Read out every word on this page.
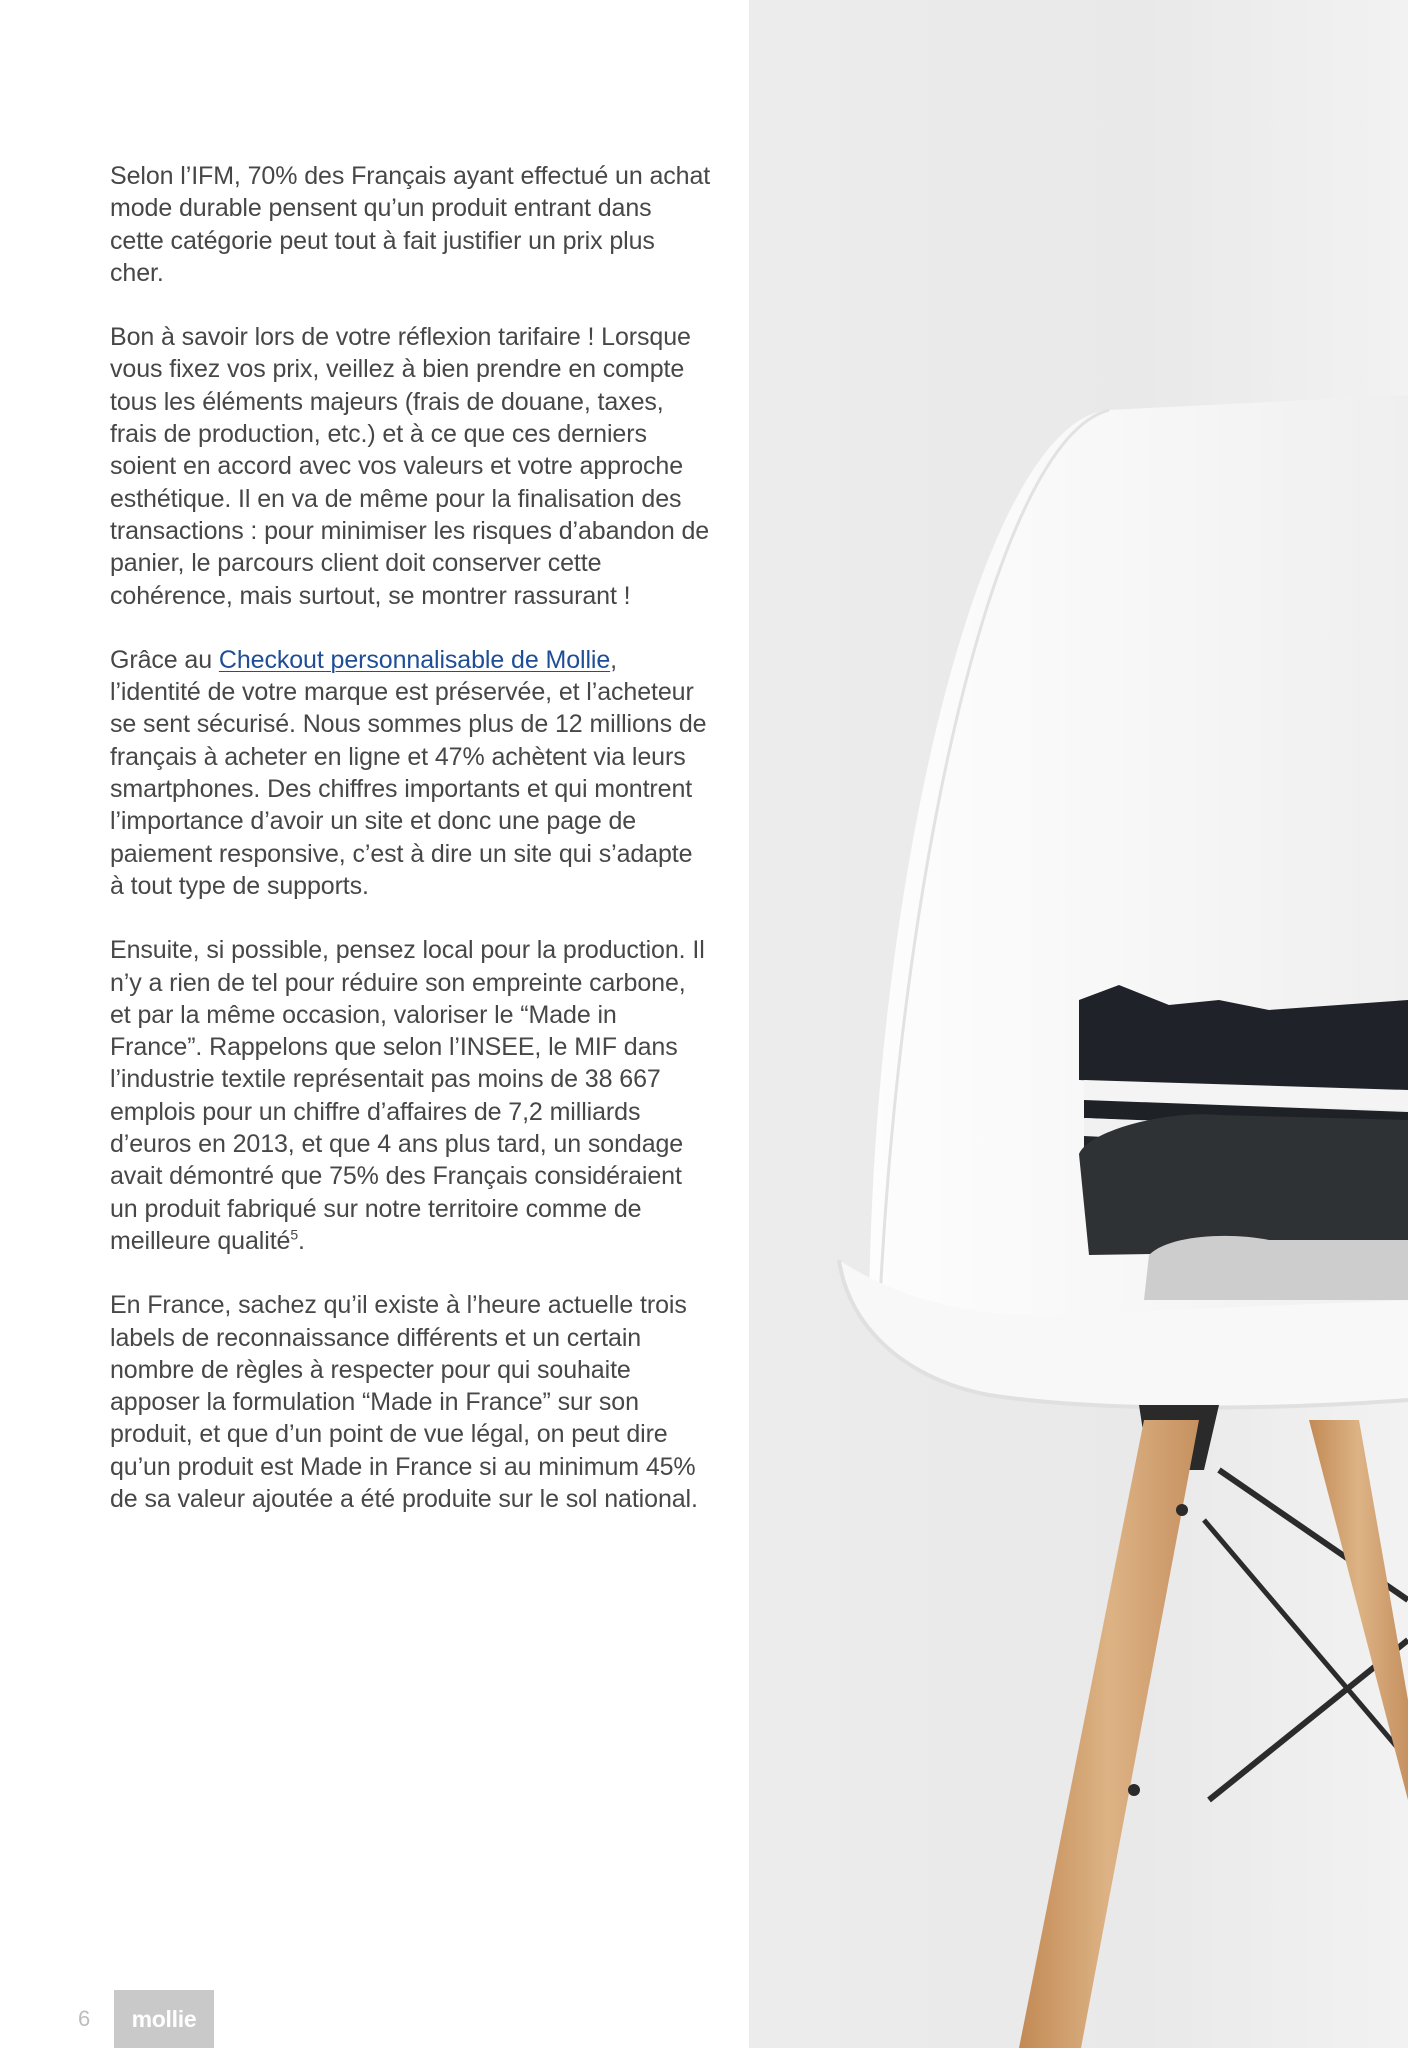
Selon l’IFM, 70% des Français ayant effectué un achat mode durable pensent qu’un produit entrant dans cette catégorie peut tout à fait justifier un prix plus cher.

Bon à savoir lors de votre réflexion tarifaire ! Lorsque vous fixez vos prix, veillez à bien prendre en compte tous les éléments majeurs (frais de douane, taxes, frais de production, etc.) et à ce que ces derniers soient en accord avec vos valeurs et votre approche esthétique. Il en va de même pour la finalisation des transactions : pour minimiser les risques d’abandon de panier, le parcours client doit conserver cette cohérence, mais surtout, se montrer rassurant !

Grâce au Checkout personnalisable de Mollie, l’identité de votre marque est préservée, et l’acheteur se sent sécurisé. Nous sommes plus de 12 millions de français à acheter en ligne et 47% achètent via leurs smartphones. Des chiffres importants et qui montrent l’importance d’avoir un site et donc une page de paiement responsive, c’est à dire un site qui s’adapte à tout type de supports.

Ensuite, si possible, pensez local pour la production. Il n’y a rien de tel pour réduire son empreinte carbone, et par la même occasion, valoriser le “Made in France”. Rappelons que selon l’INSEE, le MIF dans l’industrie textile représentait pas moins de 38 667 emplois pour un chiffre d’affaires de 7,2 milliards d’euros en 2013, et que 4 ans plus tard, un sondage avait démontré que 75% des Français considéraient un produit fabriqué sur notre territoire comme de meilleure qualité$^5$.

En France, sachez qu’il existe à l’heure actuelle trois labels de reconnaissance différents et un certain nombre de règles à respecter pour qui souhaite apposer la formulation “Made in France” sur son produit, et que d’un point de vue légal, on peut dire qu’un produit est Made in France si au minimum 45% de sa valeur ajoutée a été produite sur le sol national.

6 mollie
